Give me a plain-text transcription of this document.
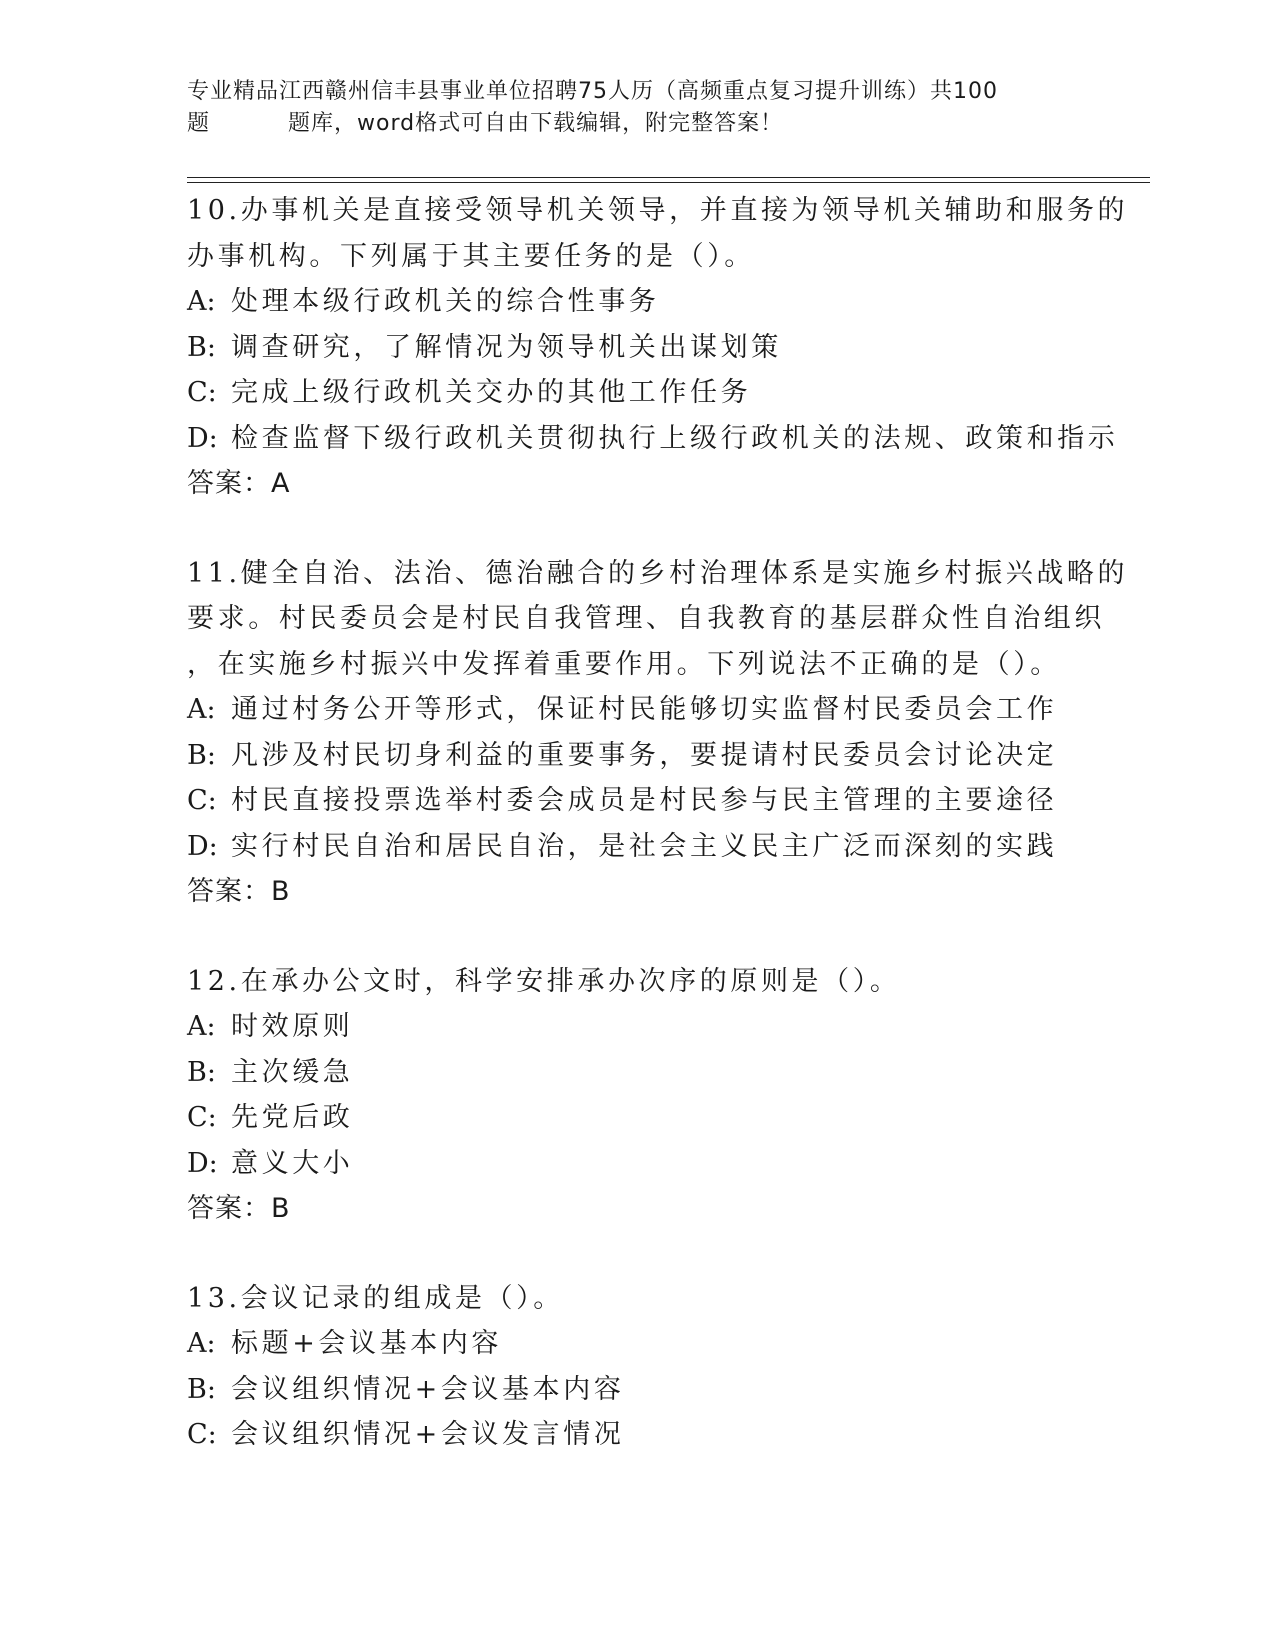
专业精品江西赣州信丰县事业单位招聘75人历（高频重点复习提升训练）共100
题	题库，word格式可自由下载编辑，附完整答案！

10.办事机关是直接受领导机关领导，并直接为领导机关辅助和服务的

办事机构。下列属于其主要任务的是（）。

A: 处理本级行政机关的综合性事务

B: 调查研究，了解情况为领导机关出谋划策

C: 完成上级行政机关交办的其他工作任务

D: 检查监督下级行政机关贯彻执行上级行政机关的法规、政策和指示

答案：A

11.健全自治、法治、德治融合的乡村治理体系是实施乡村振兴战略的

要求。村民委员会是村民自我管理、自我教育的基层群众性自治组织

，在实施乡村振兴中发挥着重要作用。下列说法不正确的是（）。

A: 通过村务公开等形式，保证村民能够切实监督村民委员会工作

B: 凡涉及村民切身利益的重要事务，要提请村民委员会讨论决定

C: 村民直接投票选举村委会成员是村民参与民主管理的主要途径

D: 实行村民自治和居民自治，是社会主义民主广泛而深刻的实践

答案：B

12.在承办公文时，科学安排承办次序的原则是（）。

A: 时效原则

B: 主次缓急

C: 先党后政

D: 意义大小

答案：B

13.会议记录的组成是（）。

A: 标题+会议基本内容

B: 会议组织情况+会议基本内容

C: 会议组织情况+会议发言情况
